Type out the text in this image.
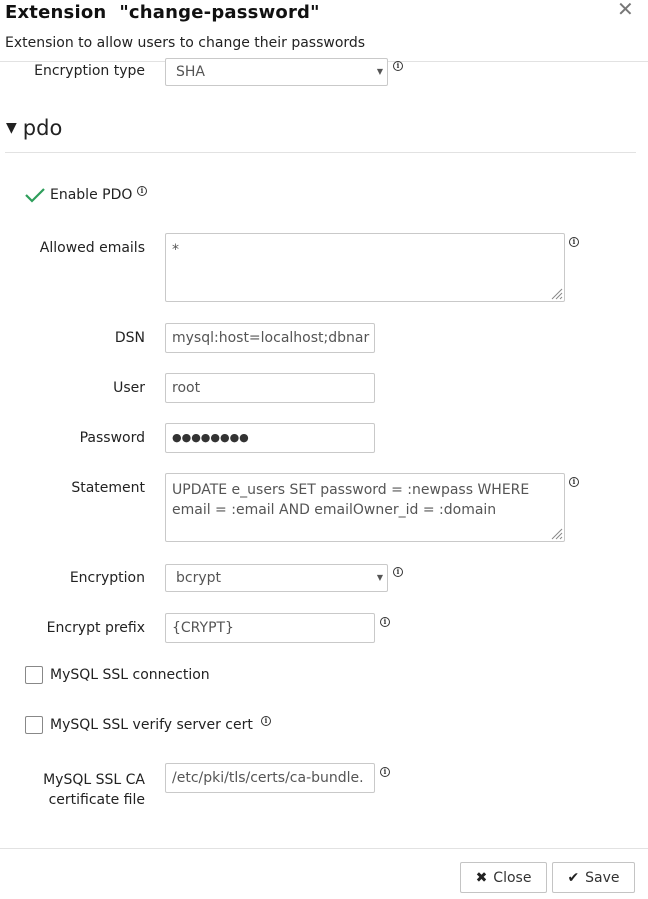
Extension  "change-password"	✕
Extension to allow users to change their passwords
Encryption type	SHA	▼
i
▼ pdo
Enable PDO	i
Allowed emails	*
i
DSN	mysql:host=localhost;dbnar
User	root
Password	●●●●●●●●
Statement	UPDATE e_users SET password = :newpass WHERE email = :email AND emailOwner_id = :domain
i
Encryption	bcrypt	▼
i
Encrypt prefix	{CRYPT}	i
MySQL SSL connection
MySQL SSL verify server cert	i
MySQL SSL CA
certificate file
/etc/pki/tls/certs/ca-bundle.	i
✖ Close	✔ Save
